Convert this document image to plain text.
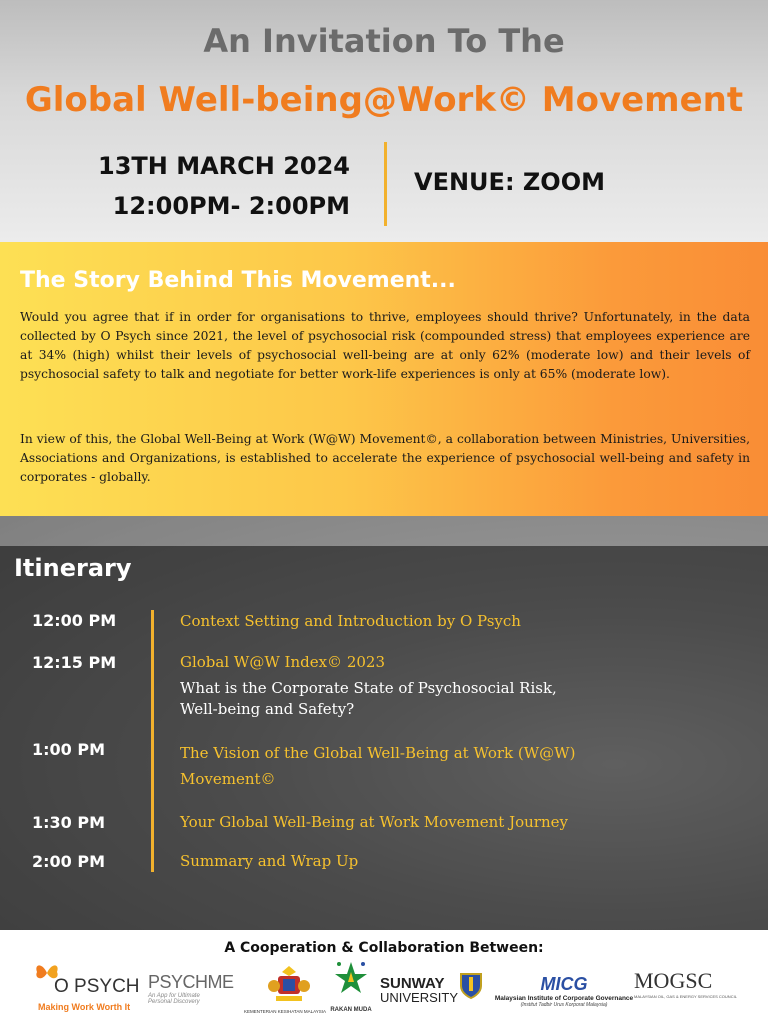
An Invitation To The
Global Well-being@Work© Movement
13TH MARCH 2024
12:00PM- 2:00PM
VENUE: ZOOM
The Story Behind This Movement...

Would you agree that if in order for organisations to thrive, employees should thrive? Unfortunately, in the data collected by O Psych since 2021, the level of psychosocial risk (compounded stress) that employees experience are at 34% (high) whilst their levels of psychosocial well-being are at only 62% (moderate low) and their levels of psychosocial safety to talk and negotiate for better work-life experiences is only at 65% (moderate low).

In view of this, the Global Well-Being at Work (W@W) Movement©, a collaboration between Ministries, Universities, Associations and Organizations, is established to accelerate the experience of psychosocial well-being and safety in corporates - globally.

Itinerary
12:00 PM	Context Setting and Introduction by O Psych
12:15 PM	Global W@W Index© 2023
What is the Corporate State of Psychosocial Risk,
Well-being and Safety?
1:00 PM	The Vision of the Global Well-Being at Work (W@W)
Movement©
1:30 PM	Your Global Well-Being at Work Movement Journey
2:00 PM	Summary and Wrap Up
A Cooperation & Collaboration Between:
O PSYCH
Making Work Worth It
PSYCHME
An App for Ultimate
Personal Discovery
KEMENTERIAN KESIHATAN MALAYSIA RAKAN MUDA
SUNWAY
UNIVERSITY
MICG
Malaysian Institute of Corporate Governance
(Institut Tadbir Urus Korporat Malaysia)
MOGSC
MALAYSIAN OIL, GAS & ENERGY SERVICES COUNCIL
